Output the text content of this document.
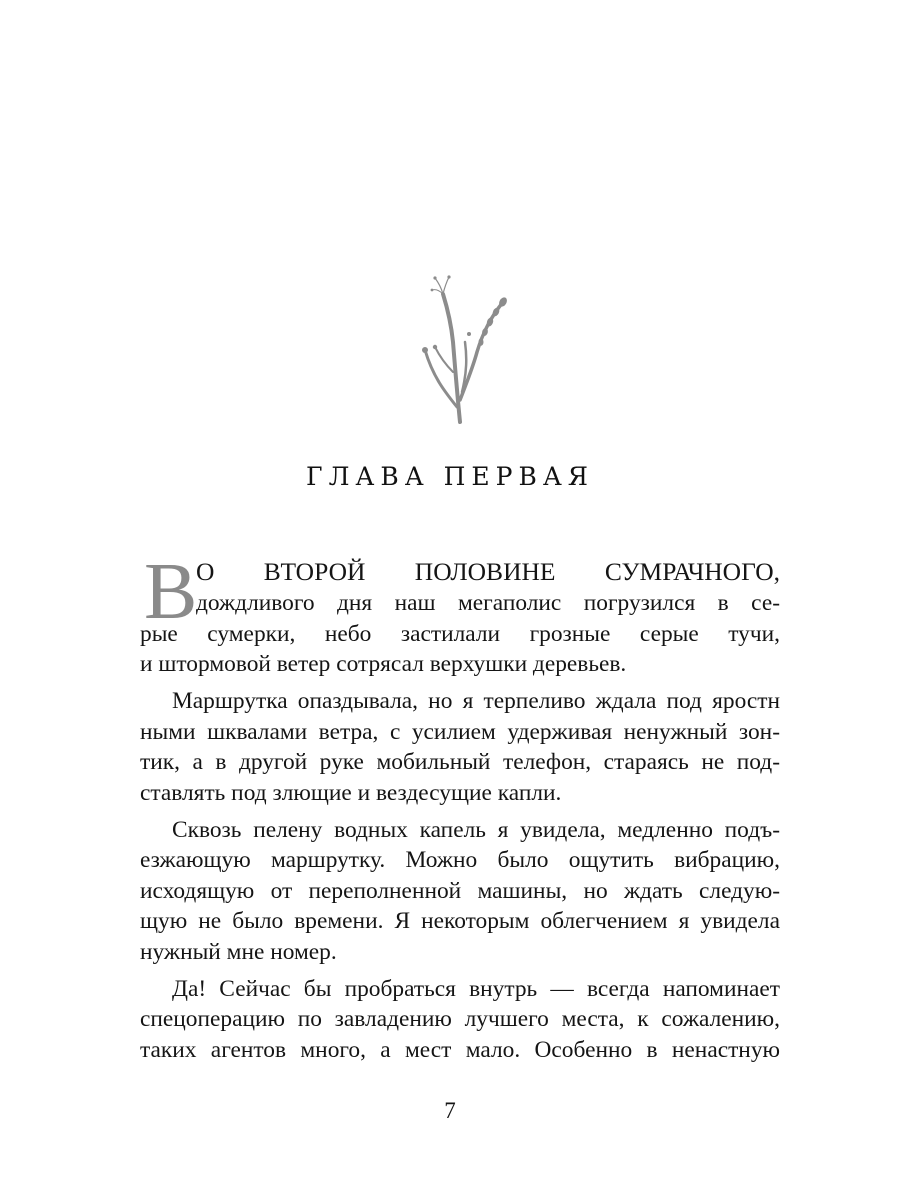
ГЛАВА ПЕРВАЯ
В
О ВТОРОЙ ПОЛОВИНЕ СУМРАЧНОГО,
дождливого дня наш мегаполис погрузился в се-
рые сумерки, небо застилали грозные серые тучи,
и штормовой ветер сотрясал верхушки деревьев.
Маршрутка опаздывала, но я терпеливо ждала под яростн
ными шквалами ветра, с усилием удерживая ненужный зон-
тик, а в другой руке мобильный телефон, стараясь не под-
ставлять под злющие и вездесущие капли.
Сквозь пелену водных капель я увидела, медленно подъ-
езжающую маршрутку. Можно было ощутить вибрацию,
исходящую от переполненной машины, но ждать следую-
щую не было времени. Я некоторым облегчением я увидела
нужный мне номер.
Да! Сейчас бы пробраться внутрь — всегда напоминает
спецоперацию по завладению лучшего места, к сожалению,
таких агентов много, а мест мало. Особенно в ненастную
7
